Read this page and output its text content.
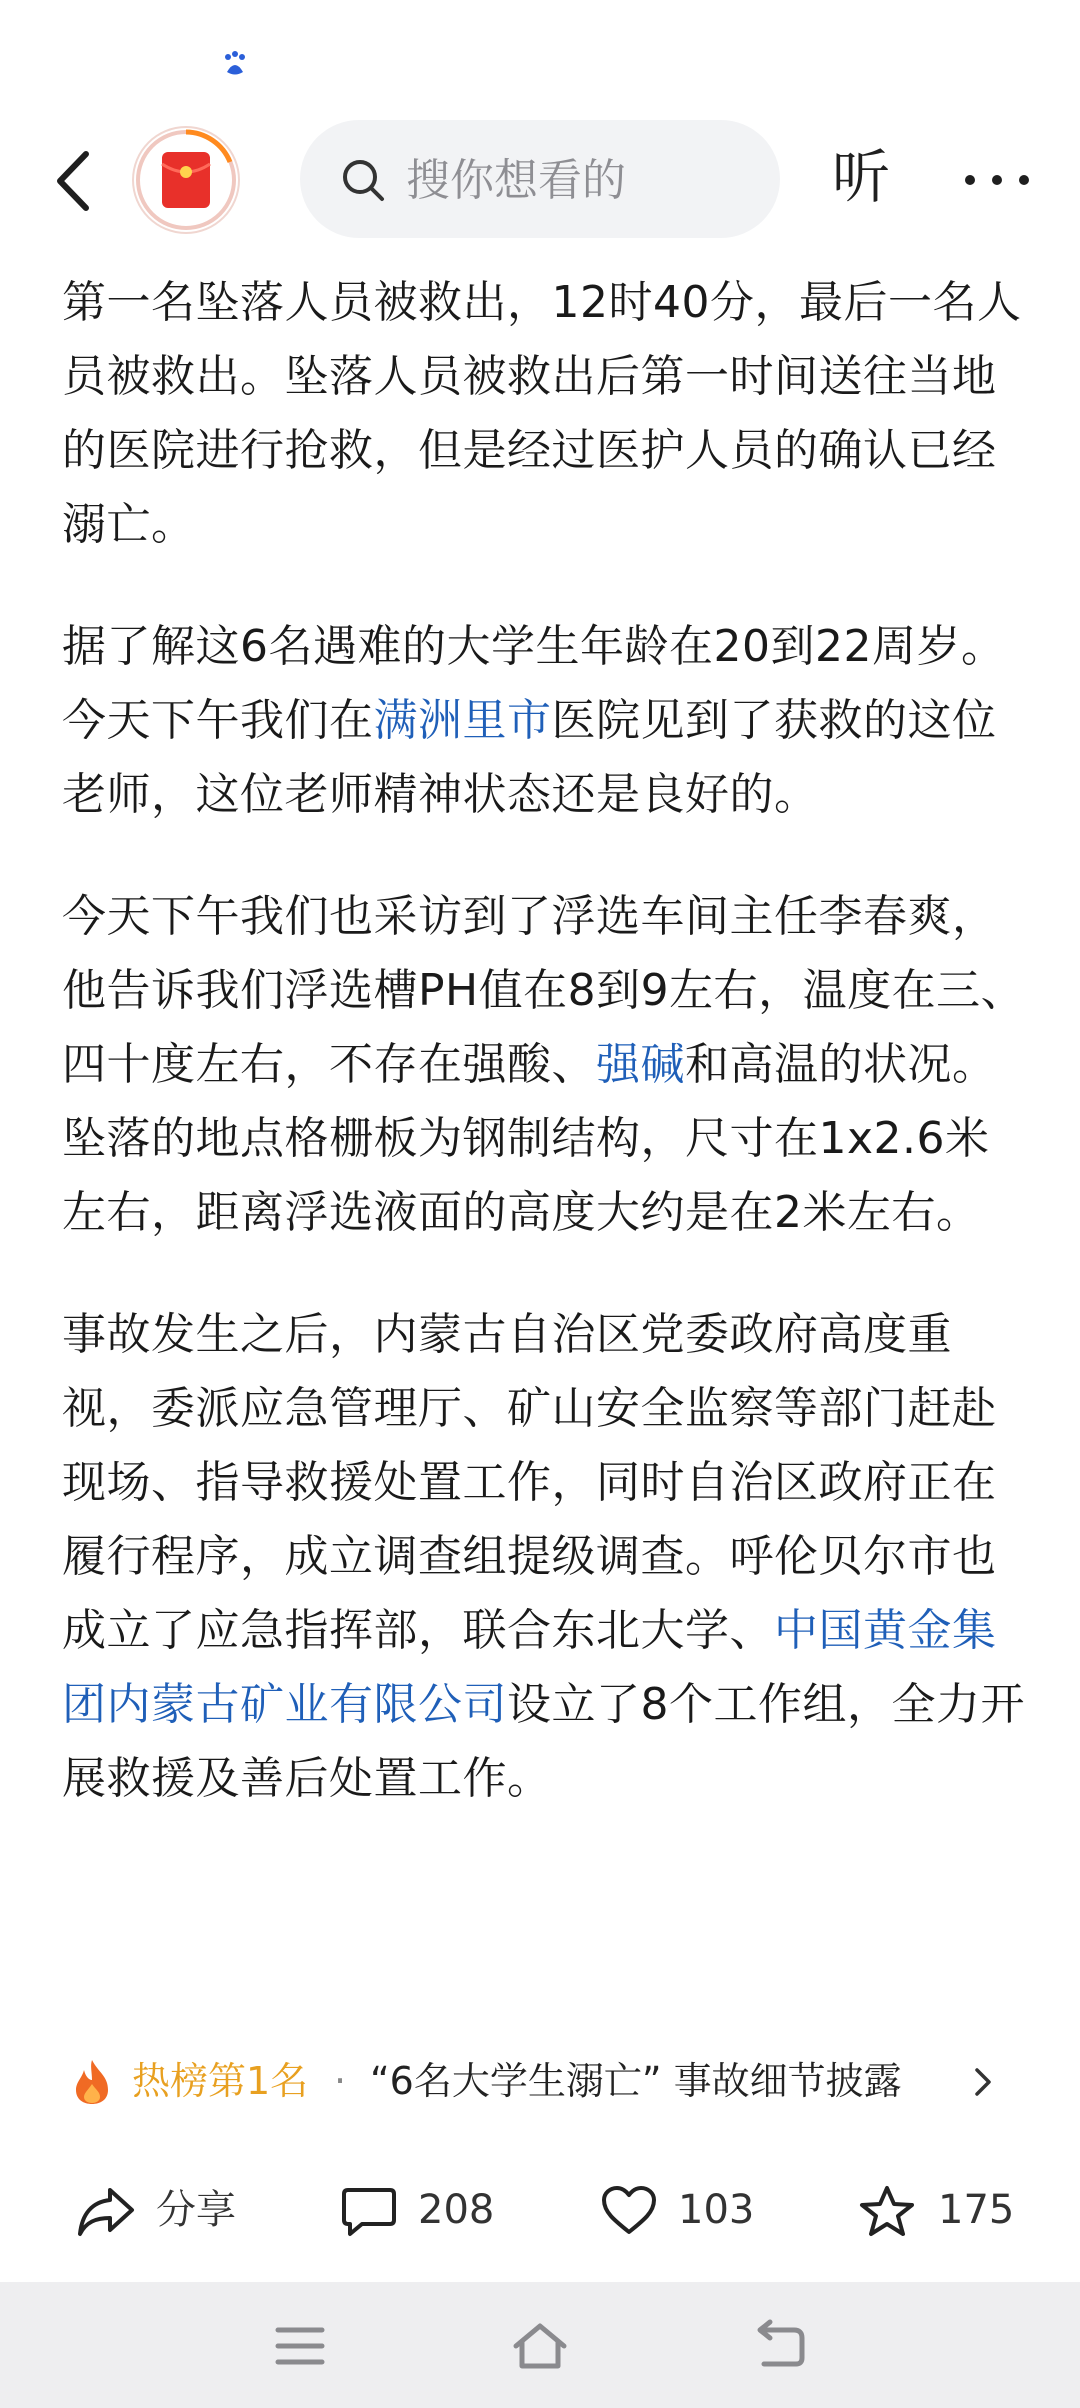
搜你想看的
听

第一名坠落人员被救出，12时40分，最后一名人员被救出。坠落人员被救出后第一时间送往当地的医院进行抢救，但是经过医护人员的确认已经溺亡。

据了解这6名遇难的大学生年龄在20到22周岁。今天下午我们在满洲里市医院见到了获救的这位老师，这位老师精神状态还是良好的。

今天下午我们也采访到了浮选车间主任李春爽，他告诉我们浮选槽PH值在8到9左右，温度在三、四十度左右，不存在强酸、强碱和高温的状况。坠落的地点格栅板为钢制结构，尺寸在1x2.6米左右，距离浮选液面的高度大约是在2米左右。

事故发生之后，内蒙古自治区党委政府高度重视，委派应急管理厅、矿山安全监察等部门赶赴现场、指导救援处置工作，同时自治区政府正在履行程序，成立调查组提级调查。呼伦贝尔市也成立了应急指挥部，联合东北大学、中国黄金集团内蒙古矿业有限公司设立了8个工作组，全力开展救援及善后处置工作。

热榜第1名 · “6名大学生溺亡” 事故细节披露
分享	208	103	175
